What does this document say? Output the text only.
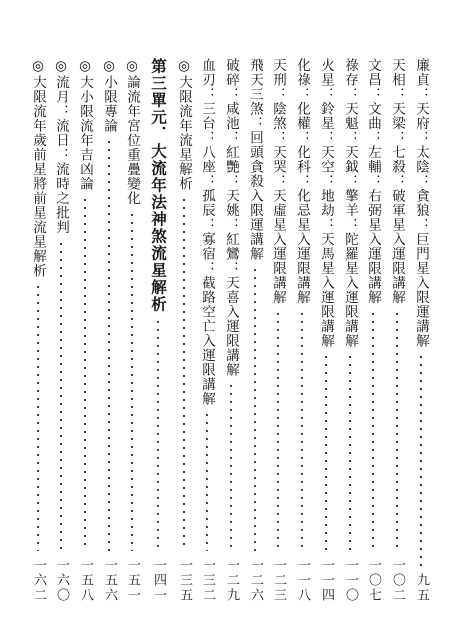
廉貞：天府：太陰：貪狼：巨門星入限運講解
九五
天相：天梁：七殺：破軍星入運限講解
一〇二
文昌：文曲：左輔：右弼星入運限講解
一〇七
祿存：天魁：天鉞：擎羊：陀羅星入運限講解
一一〇
火星：鈴星：天空：地劫：天馬星入運限講解
一一四
化祿：化權：化科：化忌星入運限講解
一一八
天刑：陰煞：天哭：天虛星入運限講解
一二三
飛天三煞：回頭貪殺入限運講解
一二六
破碎：咸池：紅艷：天姚：紅鸞：天喜入運限講解
一二九
血刃：三台：八座：孤辰：寡宿：截路空亡入運限講解
一三二
◎大限流年流星解析
一三五
第三單元．大流年法神煞流星解析
一四一
◎論流年宮位重疊變化
一五一
◎小限專論
一五六
◎大小限流年吉凶論
一五八
◎流月：流日：流時之批判
一六〇
◎大限流年歲前星將前星流星解析
一六二
